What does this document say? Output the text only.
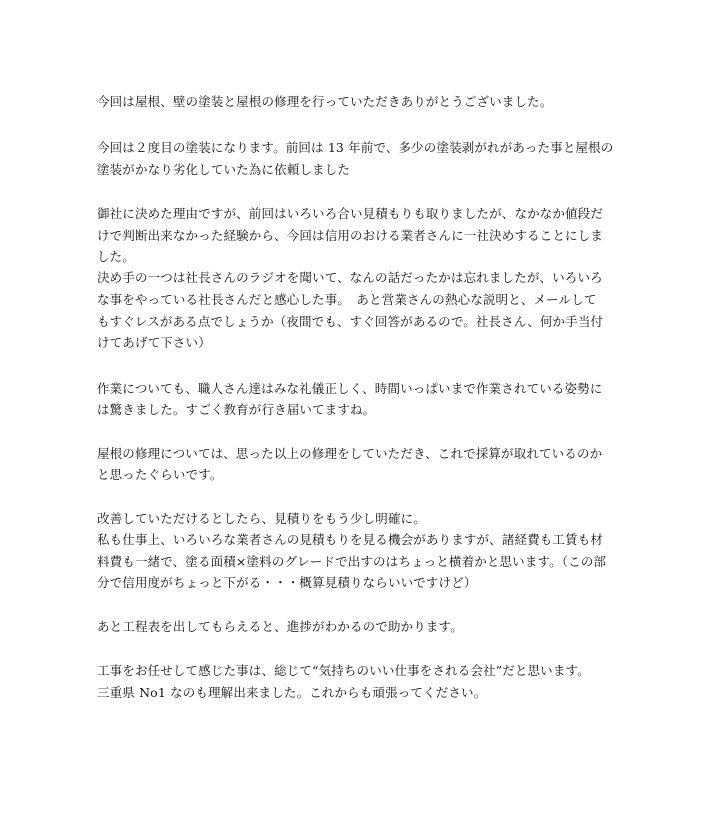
今回は屋根、壁の塗装と屋根の修理を行っていただきありがとうございました。

今回は２度目の塗装になります。前回は 13 年前で、多少の塗装剥がれがあった事と屋根の

塗装がかなり劣化していた為に依頼しました

御社に決めた理由ですが、前回はいろいろ合い見積もりも取りましたが、なかなか値段だ

けで判断出来なかった経験から、今回は信用のおける業者さんに一社決めすることにしま

した。

決め手の一つは社長さんのラジオを聞いて、なんの話だったかは忘れましたが、いろいろ

な事をやっている社長さんだと感心した事。　あと営業さんの熱心な説明と、メールして

もすぐレスがある点でしょうか（夜間でも、すぐ回答があるので。社長さん、何か手当付

けてあげて下さい）

作業についても、職人さん達はみな礼儀正しく、時間いっぱいまで作業されている姿勢に

は驚きました。すごく教育が行き届いてますね。

屋根の修理については、思った以上の修理をしていただき、これで採算が取れているのか

と思ったぐらいです。

改善していただけるとしたら、見積りをもう少し明確に。

私も仕事上、いろいろな業者さんの見積もりを見る機会がありますが、諸経費も工賃も材

料費も一緒で、塗る面積×塗料のグレードで出すのはちょっと横着かと思います。（この部

分で信用度がちょっと下がる・・・概算見積りならいいですけど）

あと工程表を出してもらえると、進捗がわかるので助かります。

工事をお任せして感じた事は、総じて“気持ちのいい仕事をされる会社”だと思います。

三重県 No1 なのも理解出来ました。これからも頑張ってください。
